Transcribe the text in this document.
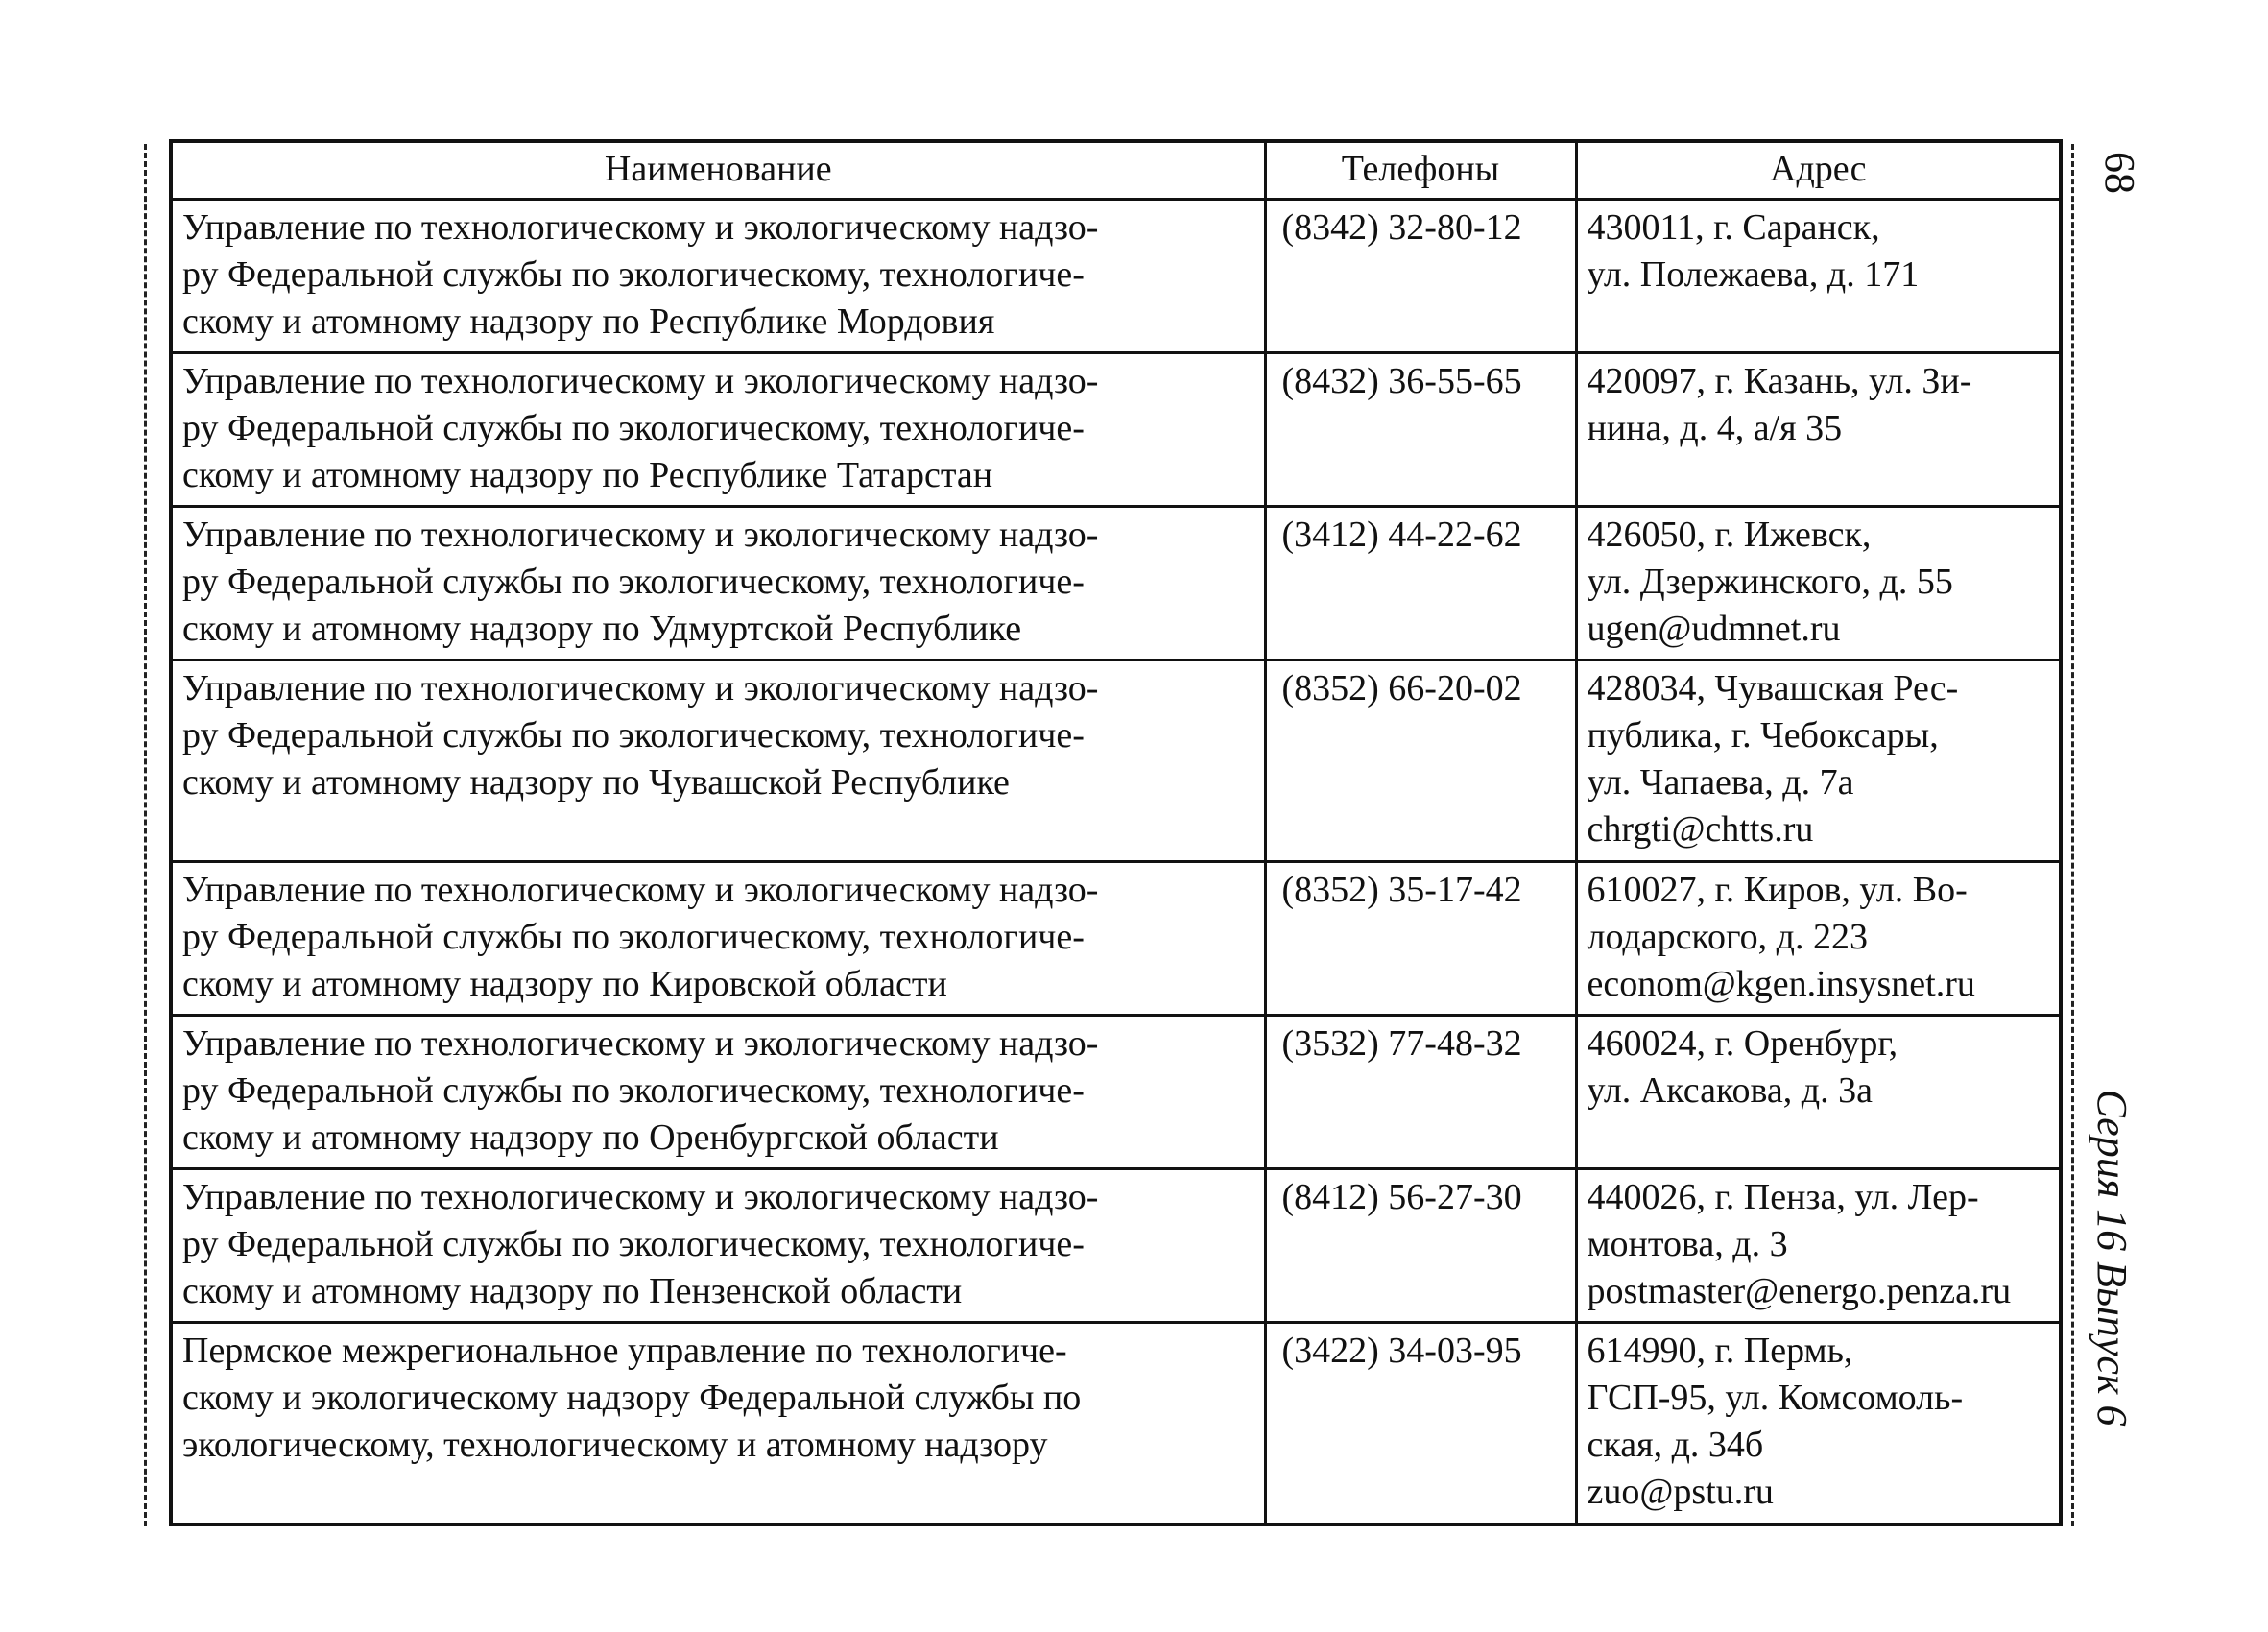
68
Серия 16 Выпуск 6
Наименование	Телефоны	Адрес

Управление по технологическому и экологическому надзо-
ру Федеральной службы по экологическому, технологиче-
скому и атомному надзору по Республике Мордовия	(8342) 32-80-12	430011, г. Саранск,
ул. Полежаева, д. 171

Управление по технологическому и экологическому надзо-
ру Федеральной службы по экологическому, технологиче-
скому и атомному надзору по Республике Татарстан	(8432) 36-55-65	420097, г. Казань, ул. Зи-
нина, д. 4, а/я 35

Управление по технологическому и экологическому надзо-
ру Федеральной службы по экологическому, технологиче-
скому и атомному надзору по Удмуртской Республике	(3412) 44-22-62	426050, г. Ижевск,
ул. Дзержинского, д. 55
ugen@udmnet.ru

Управление по технологическому и экологическому надзо-
ру Федеральной службы по экологическому, технологиче-
скому и атомному надзору по Чувашской Республике	(8352) 66-20-02	428034, Чувашская Рес-
публика, г. Чебоксары,
ул. Чапаева, д. 7а
chrgti@chtts.ru

Управление по технологическому и экологическому надзо-
ру Федеральной службы по экологическому, технологиче-
скому и атомному надзору по Кировской области	(8352) 35-17-42	610027, г. Киров, ул. Во-
лодарского, д. 223
econom@kgen.insysnet.ru

Управление по технологическому и экологическому надзо-
ру Федеральной службы по экологическому, технологиче-
скому и атомному надзору по Оренбургской области	(3532) 77-48-32	460024, г. Оренбург,
ул. Аксакова, д. 3а

Управление по технологическому и экологическому надзо-
ру Федеральной службы по экологическому, технологиче-
скому и атомному надзору по Пензенской области	(8412) 56-27-30	440026, г. Пенза, ул. Лер-
монтова, д. 3
postmaster@energo.penza.ru

Пермское межрегиональное управление по технологиче-
скому и экологическому надзору Федеральной службы по
экологическому, технологическому и атомному надзору	(3422) 34-03-95	614990, г. Пермь,
ГСП-95, ул. Комсомоль-
ская, д. 34б
zuo@pstu.ru
